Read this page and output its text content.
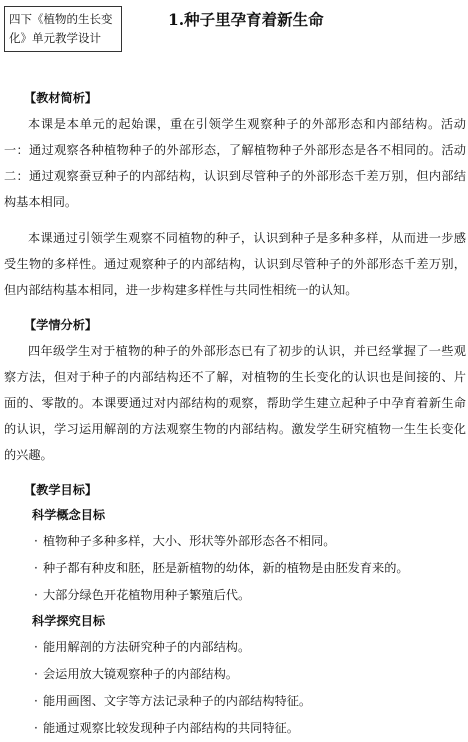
四下《植物的生长变
化》单元教学设计
1.种子里孕育着新生命

【教材简析】

本课是本单元的起始课，重在引领学生观察种子的外部形态和内部结构。活动一：通过观察各种植物种子的外部形态，了解植物种子外部形态是各不相同的。活动二：通过观察蚕豆种子的内部结构，认识到尽管种子的外部形态千差万别，但内部结构基本相同。

本课通过引领学生观察不同植物的种子，认识到种子是多种多样，从而进一步感受生物的多样性。通过观察种子的内部结构，认识到尽管种子的外部形态千差万别，但内部结构基本相同，进一步构建多样性与共同性相统一的认知。

【学情分析】

四年级学生对于植物的种子的外部形态已有了初步的认识，并已经掌握了一些观察方法，但对于种子的内部结构还不了解，对植物的生长变化的认识也是间接的、片面的、零散的。本课要通过对内部结构的观察，帮助学生建立起种子中孕育着新生命的认识，学习运用解剖的方法观察生物的内部结构。激发学生研究植物一生生长变化的兴趣。

【教学目标】

科学概念目标

· 植物种子多种多样，大小、形状等外部形态各不相同。
· 种子都有种皮和胚，胚是新植物的幼体，新的植物是由胚发育来的。
· 大部分绿色开花植物用种子繁殖后代。

科学探究目标

· 能用解剖的方法研究种子的内部结构。
· 会运用放大镜观察种子的内部结构。
· 能用画图、文字等方法记录种子的内部结构特征。
· 能通过观察比较发现种子内部结构的共同特征。
